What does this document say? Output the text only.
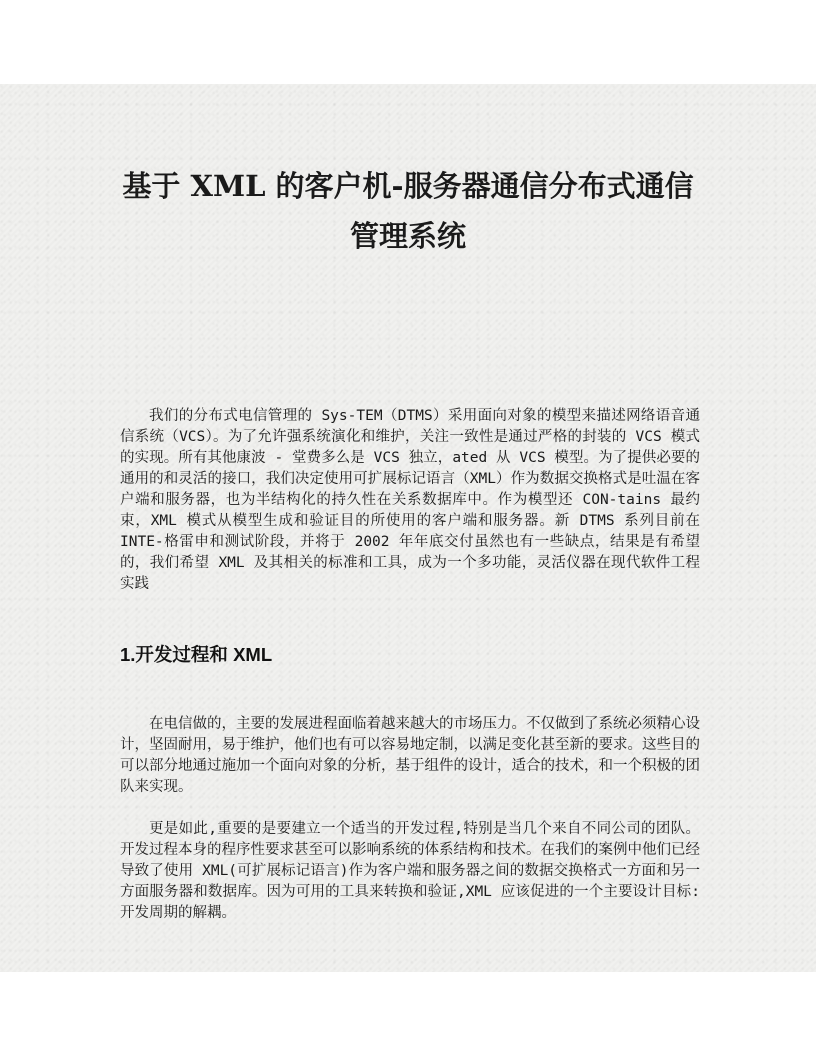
基于 XML 的客户机-服务器通信分布式通信
管理系统

我们的分布式电信管理的 Sys-TEM（DTMS）采用面向对象的模型来描述网络语音通信系统（VCS）。为了允许强系统演化和维护，关注一致性是通过严格的封装的 VCS 模式的实现。所有其他康波 - 堂费多么是 VCS 独立，ated 从 VCS 模型。为了提供必要的通用的和灵活的接口，我们决定使用可扩展标记语言（XML）作为数据交换格式是吐温在客户端和服务器，也为半结构化的持久性在关系数据库中。作为模型还 CON-tains 最约束，XML 模式从模型生成和验证目的所使用的客户端和服务器。新 DTMS 系列目前在 INTE-格雷申和测试阶段，并将于 2002 年年底交付虽然也有一些缺点，结果是有希望的，我们希望 XML 及其相关的标准和工具，成为一个多功能，灵活仪器在现代软件工程实践

1.开发过程和 XML

在电信做的，主要的发展进程面临着越来越大的市场压力。不仅做到了系统必须精心设计，坚固耐用，易于维护，他们也有可以容易地定制，以满足变化甚至新的要求。这些目的可以部分地通过施加一个面向对象的分析，基于组件的设计，适合的技术，和一个积极的团队来实现。

更是如此,重要的是要建立一个适当的开发过程,特别是当几个来自不同公司的团队。开发过程本身的程序性要求甚至可以影响系统的体系结构和技术。在我们的案例中他们已经导致了使用 XML(可扩展标记语言)作为客户端和服务器之间的数据交换格式一方面和另一方面服务器和数据库。因为可用的工具来转换和验证,XML 应该促进的一个主要设计目标:开发周期的解耦。
